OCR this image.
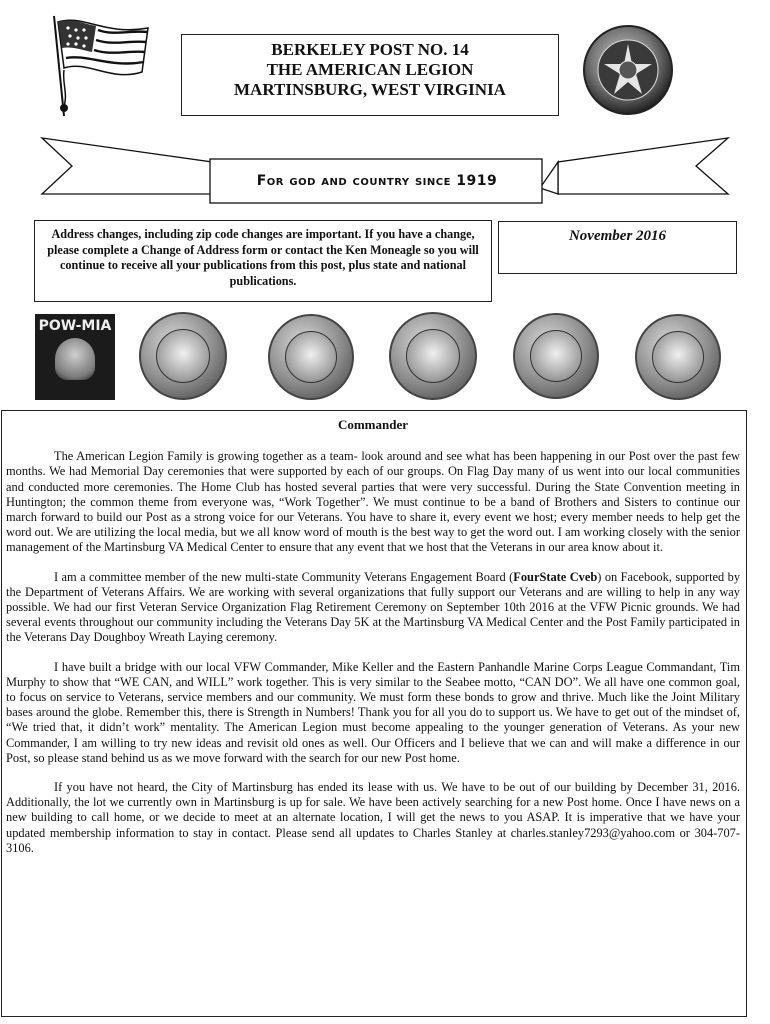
BERKELEY POST NO. 14
THE AMERICAN LEGION
MARTINSBURG, WEST VIRGINIA
For god and country since 1919
Address changes, including zip code changes are important. If you have a change, please complete a Change of Address form or contact the Ken Moneagle so you will continue to receive all your publications from this post, plus state and national publications.
November 2016
POW-MIA
Commander

The American Legion Family is growing together as a team- look around and see what has been happening in our Post over the past few months. We had Memorial Day ceremonies that were supported by each of our groups. On Flag Day many of us went into our local communities and conducted more ceremonies. The Home Club has hosted several parties that were very successful. During the State Convention meeting in Huntington; the common theme from everyone was, “Work Together”. We must continue to be a band of Brothers and Sisters to continue our march forward to build our Post as a strong voice for our Veterans. You have to share it, every event we host; every member needs to help get the word out. We are utilizing the local media, but we all know word of mouth is the best way to get the word out. I am working closely with the senior management of the Martinsburg VA Medical Center to ensure that any event that we host that the Veterans in our area know about it.

I am a committee member of the new multi-state Community Veterans Engagement Board (FourState Cveb) on Facebook, supported by the Department of Veterans Affairs. We are working with several organizations that fully support our Veterans and are willing to help in any way possible. We had our first Veteran Service Organization Flag Retirement Ceremony on September 10th 2016 at the VFW Picnic grounds. We had several events throughout our community including the Veterans Day 5K at the Martinsburg VA Medical Center and the Post Family participated in the Veterans Day Doughboy Wreath Laying ceremony.

I have built a bridge with our local VFW Commander, Mike Keller and the Eastern Panhandle Marine Corps League Commandant, Tim Murphy to show that “WE CAN, and WILL” work together. This is very similar to the Seabee motto, “CAN DO”. We all have one common goal, to focus on service to Veterans, service members and our community. We must form these bonds to grow and thrive. Much like the Joint Military bases around the globe. Remember this, there is Strength in Numbers! Thank you for all you do to support us. We have to get out of the mindset of, “We tried that, it didn’t work” mentality. The American Legion must become appealing to the younger generation of Veterans. As your new Commander, I am willing to try new ideas and revisit old ones as well. Our Officers and I believe that we can and will make a difference in our Post, so please stand behind us as we move forward with the search for our new Post home.

If you have not heard, the City of Martinsburg has ended its lease with us. We have to be out of our building by December 31, 2016. Additionally, the lot we currently own in Martinsburg is up for sale. We have been actively searching for a new Post home. Once I have news on a new building to call home, or we decide to meet at an alternate location, I will get the news to you ASAP. It is imperative that we have your updated membership information to stay in contact. Please send all updates to Charles Stanley at charles.stanley7293@yahoo.com or 304-707-3106.
